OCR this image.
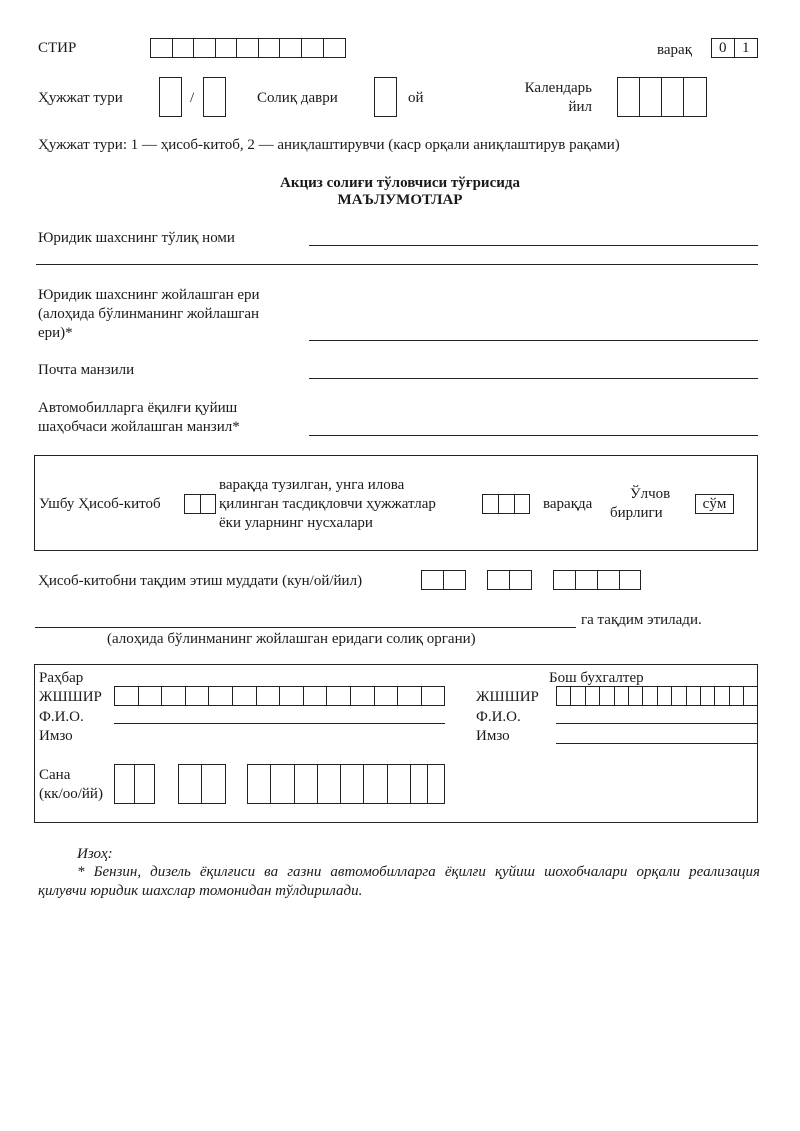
СТИР	варақ	0	1
Ҳужжат тури	/	Солиқ даври	ой
Календарь
йил
Ҳужжат тури: 1 — ҳисоб-китоб, 2 — аниқлаштирувчи (каср орқали аниқлаштирув рақами)
Акциз солиғи тўловчиси тўғрисида
МАЪЛУМОТЛАР
Юридик шахснинг тўлиқ номи
Юридик шахснинг жойлашган ери
(алоҳида бўлинманинг жойлашган
ери)*
Почта манзили
Автомобилларга ёқилғи қуйиш
шаҳобчаси жойлашган манзил*
Ушбу Ҳисоб-китоб
варақда тузилган, унга илова
қилинган тасдиқловчи ҳужжатлар
ёки уларнинг нусхалари
варақда
Ўлчов
бирлиги
сўм
Ҳисоб-китобни тақдим этиш муддати (кун/ой/йил)
га тақдим этилади.
(алоҳида бўлинманинг жойлашган еридаги солиқ органи)
Раҳбар
ЖШШИР
Ф.И.О.
Имзо
Бош бухгалтер
ЖШШИР
Ф.И.О.
Имзо
Сана
(кк/оо/йй)
Изоҳ:
* Бензин, дизель ёқилғиси ва газни автомобилларга ёқилғи қуйиш шохобчалари орқали реализация
қилувчи юридик шахслар томонидан тўлдирилади.
